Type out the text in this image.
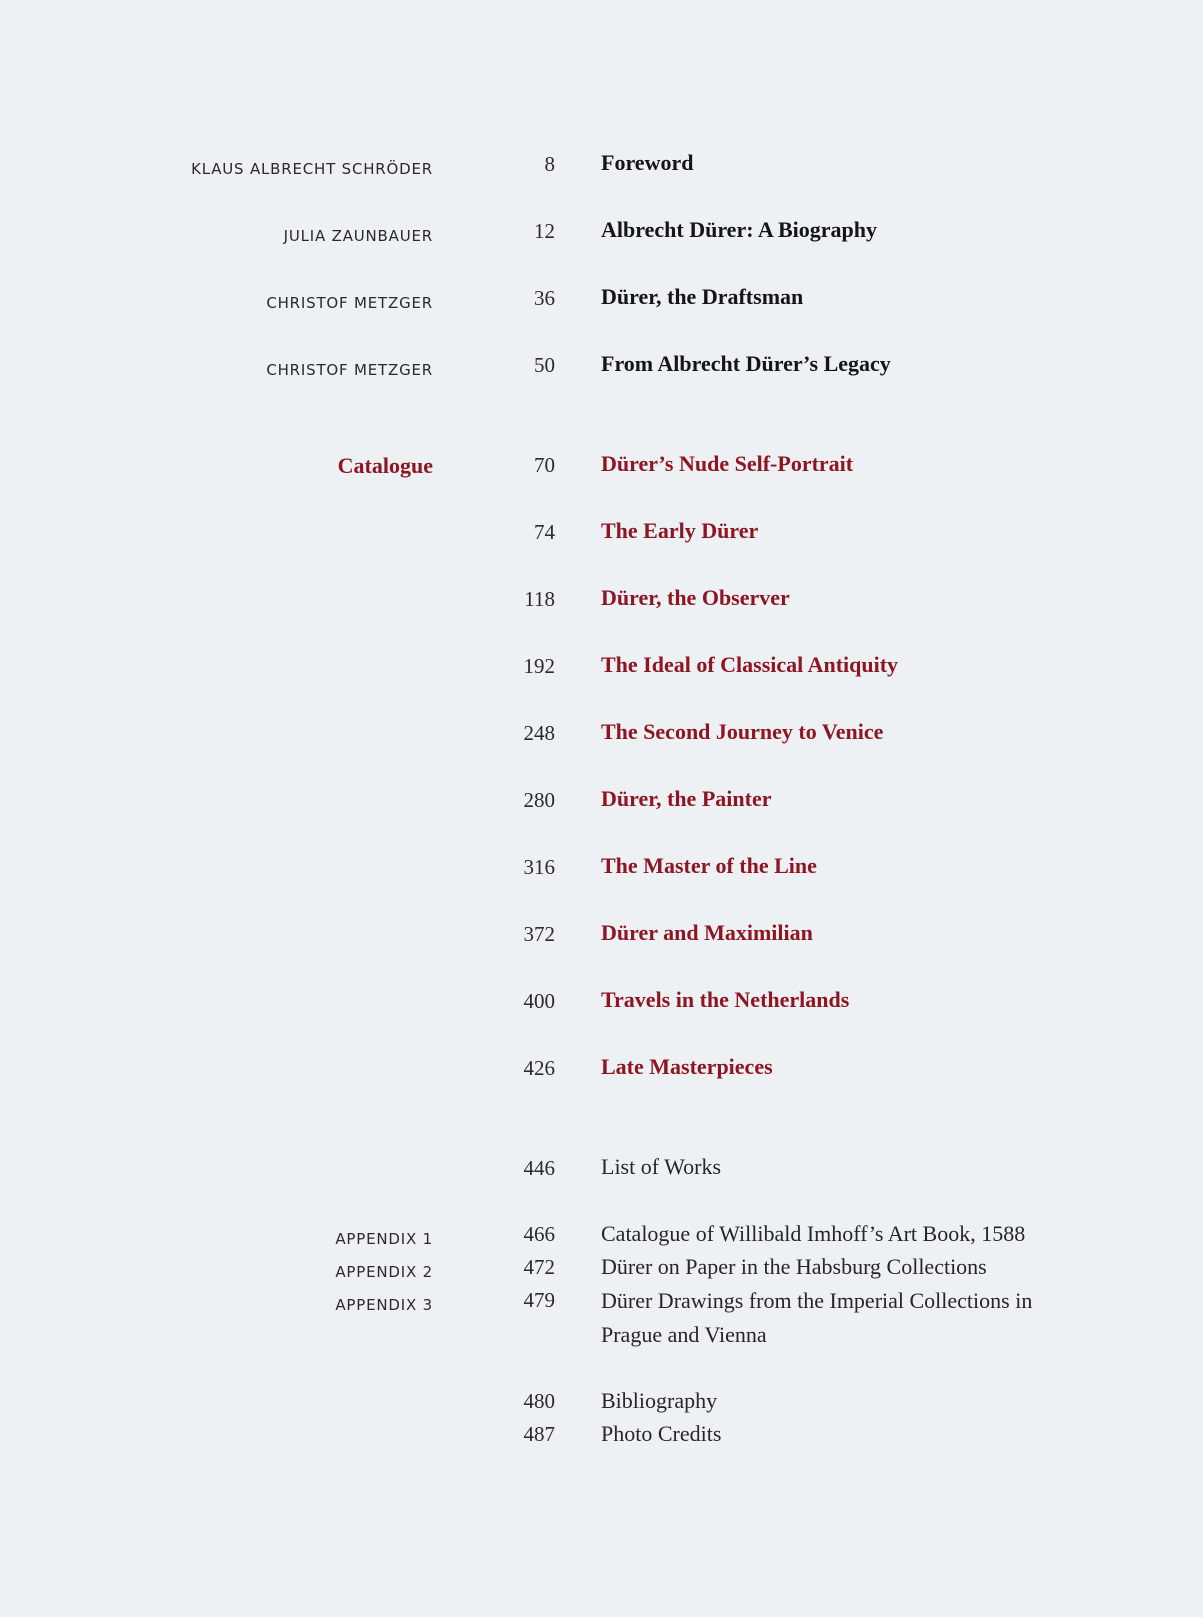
KLAUS ALBRECHT SCHRÖDER	8 Foreword
JULIA ZAUNBAUER	12 Albrecht Dürer: A Biography
CHRISTOF METZGER	36 Dürer, the Draftsman
CHRISTOF METZGER	50 From Albrecht Dürer’s Legacy
Catalogue	70 Dürer’s Nude Self-Portrait
74 The Early Dürer
118 Dürer, the Observer
192 The Ideal of Classical Antiquity
248 The Second Journey to Venice
280 Dürer, the Painter
316 The Master of the Line
372 Dürer and Maximilian
400 Travels in the Netherlands
426 Late Masterpieces
446 List of Works
APPENDIX 1	466 Catalogue of Willibald Imhoff’s Art Book, 1588
APPENDIX 2	472 Dürer on Paper in the Habsburg Collections
APPENDIX 3	479 Dürer Drawings from the Imperial Collections in Prague and Vienna
480 Bibliography
487 Photo Credits
